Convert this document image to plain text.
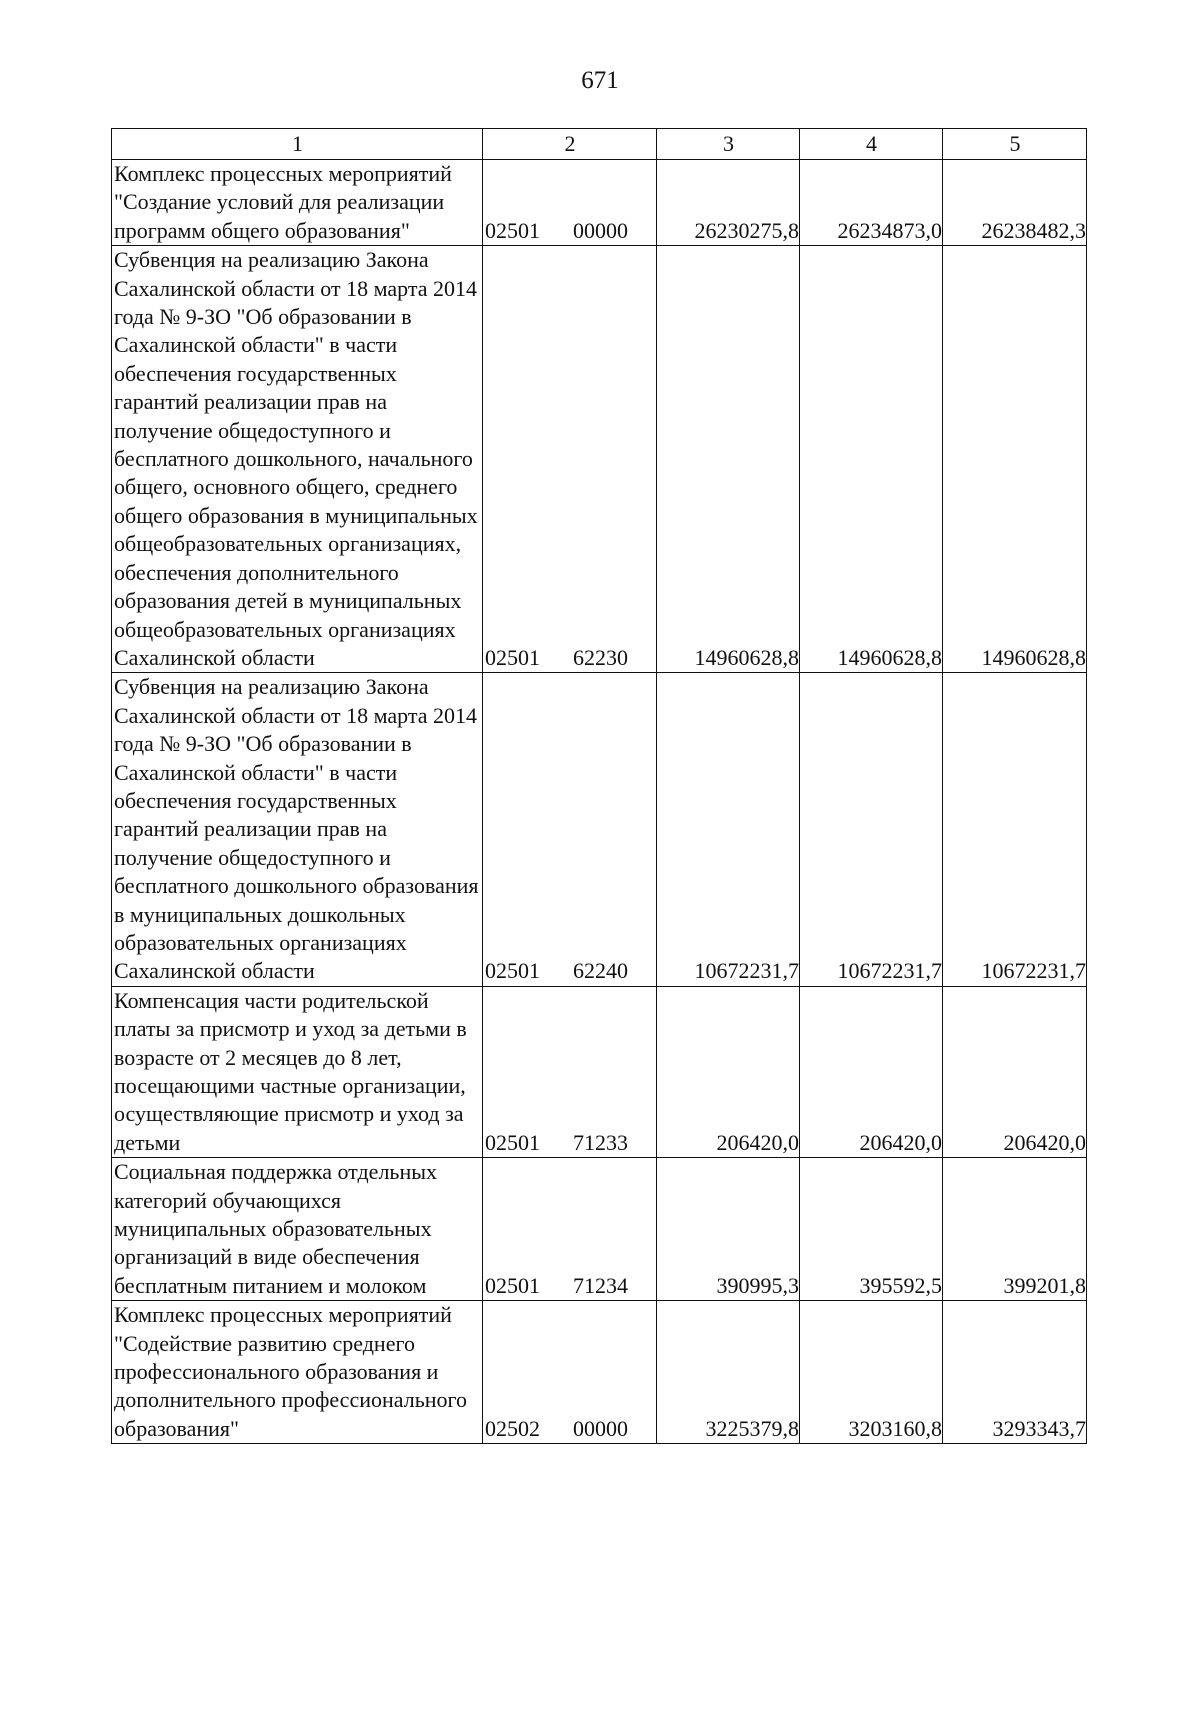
671
1	2	3	4	5
Комплекс процессных мероприятий "Создание условий для реализации программ общего образования"	02501 00000	26230275,8	26234873,0	26238482,3
Субвенция на реализацию Закона Сахалинской области от 18 марта 2014 года № 9-ЗО "Об образовании в Сахалинской области" в части обеспечения государственных гарантий реализации прав на получение общедоступного и бесплатного дошкольного, начального общего, основного общего, среднего общего образования в муниципальных общеобразовательных организациях, обеспечения дополнительного образования детей в муниципальных общеобразовательных организациях Сахалинской области	02501 62230	14960628,8	14960628,8	14960628,8
Субвенция на реализацию Закона Сахалинской области от 18 марта 2014 года № 9-ЗО "Об образовании в Сахалинской области" в части обеспечения государственных гарантий реализации прав на получение общедоступного и бесплатного дошкольного образования в муниципальных дошкольных образовательных организациях Сахалинской области	02501 62240	10672231,7	10672231,7	10672231,7
Компенсация части родительской платы за присмотр и уход за детьми в возрасте от 2 месяцев до 8 лет, посещающими частные организации, осуществляющие присмотр и уход за детьми	02501 71233	206420,0	206420,0	206420,0
Социальная поддержка отдельных категорий обучающихся муниципальных образовательных организаций в виде обеспечения бесплатным питанием и молоком	02501 71234	390995,3	395592,5	399201,8
Комплекс процессных мероприятий "Содействие развитию среднего профессионального образования и дополнительного профессионального образования"	02502 00000	3225379,8	3203160,8	3293343,7
